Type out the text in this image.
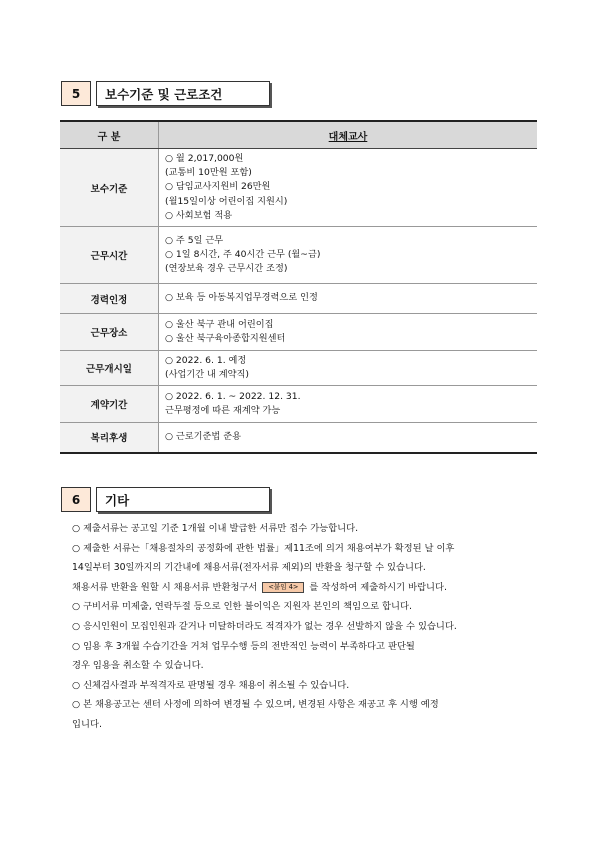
5	보수기준 및 근로조건
구 분	대체교사
보수기준	○ 월 2,017,000원
(교통비 10만원 포함)
○ 담임교사지원비 26만원
(월15일이상 어린이집 지원시)
○ 사회보험 적용

근무시간	○ 주 5일 근무
○ 1일 8시간, 주 40시간 근무 (월~금)
(연장보육 경우 근무시간 조정)

경력인정	○ 보육 등 아동복지업무경력으로 인정

근무장소	○ 울산 북구 관내 어린이집
○ 울산 북구육아종합지원센터

근무개시일	○ 2022. 6. 1. 예정
(사업기간 내 계약직)

계약기간	○ 2022. 6. 1. ~ 2022. 12. 31.
근무평정에 따른 재계약 가능

복리후생	○ 근로기준법 준용
6	기타
○ 제출서류는 공고일 기준 1개월 이내 발급한 서류만 접수 가능합니다.
○ 제출한 서류는「채용절차의 공정화에 관한 법률」제11조에 의거 채용여부가 확정된 날 이후
14일부터 30일까지의 기간내에 채용서류(전자서류 제외)의 반환을 청구할 수 있습니다.
채용서류 반환을 원할 시 채용서류 반환청구서 <붙임 4> 를 작성하여 제출하시기 바랍니다.
○ 구비서류 미제출, 연락두절 등으로 인한 불이익은 지원자 본인의 책임으로 합니다.
○ 응시인원이 모집인원과 같거나 미달하더라도 적격자가 없는 경우 선발하지 않을 수 있습니다.
○ 임용 후 3개월 수습기간을 거쳐 업무수행 등의 전반적인 능력이 부족하다고 판단될
경우 임용을 취소할 수 있습니다.
○ 신체검사결과 부적격자로 판명될 경우 채용이 취소될 수 있습니다.
○ 본 채용공고는 센터 사정에 의하여 변경될 수 있으며, 변경된 사항은 재공고 후 시행 예정
입니다.
